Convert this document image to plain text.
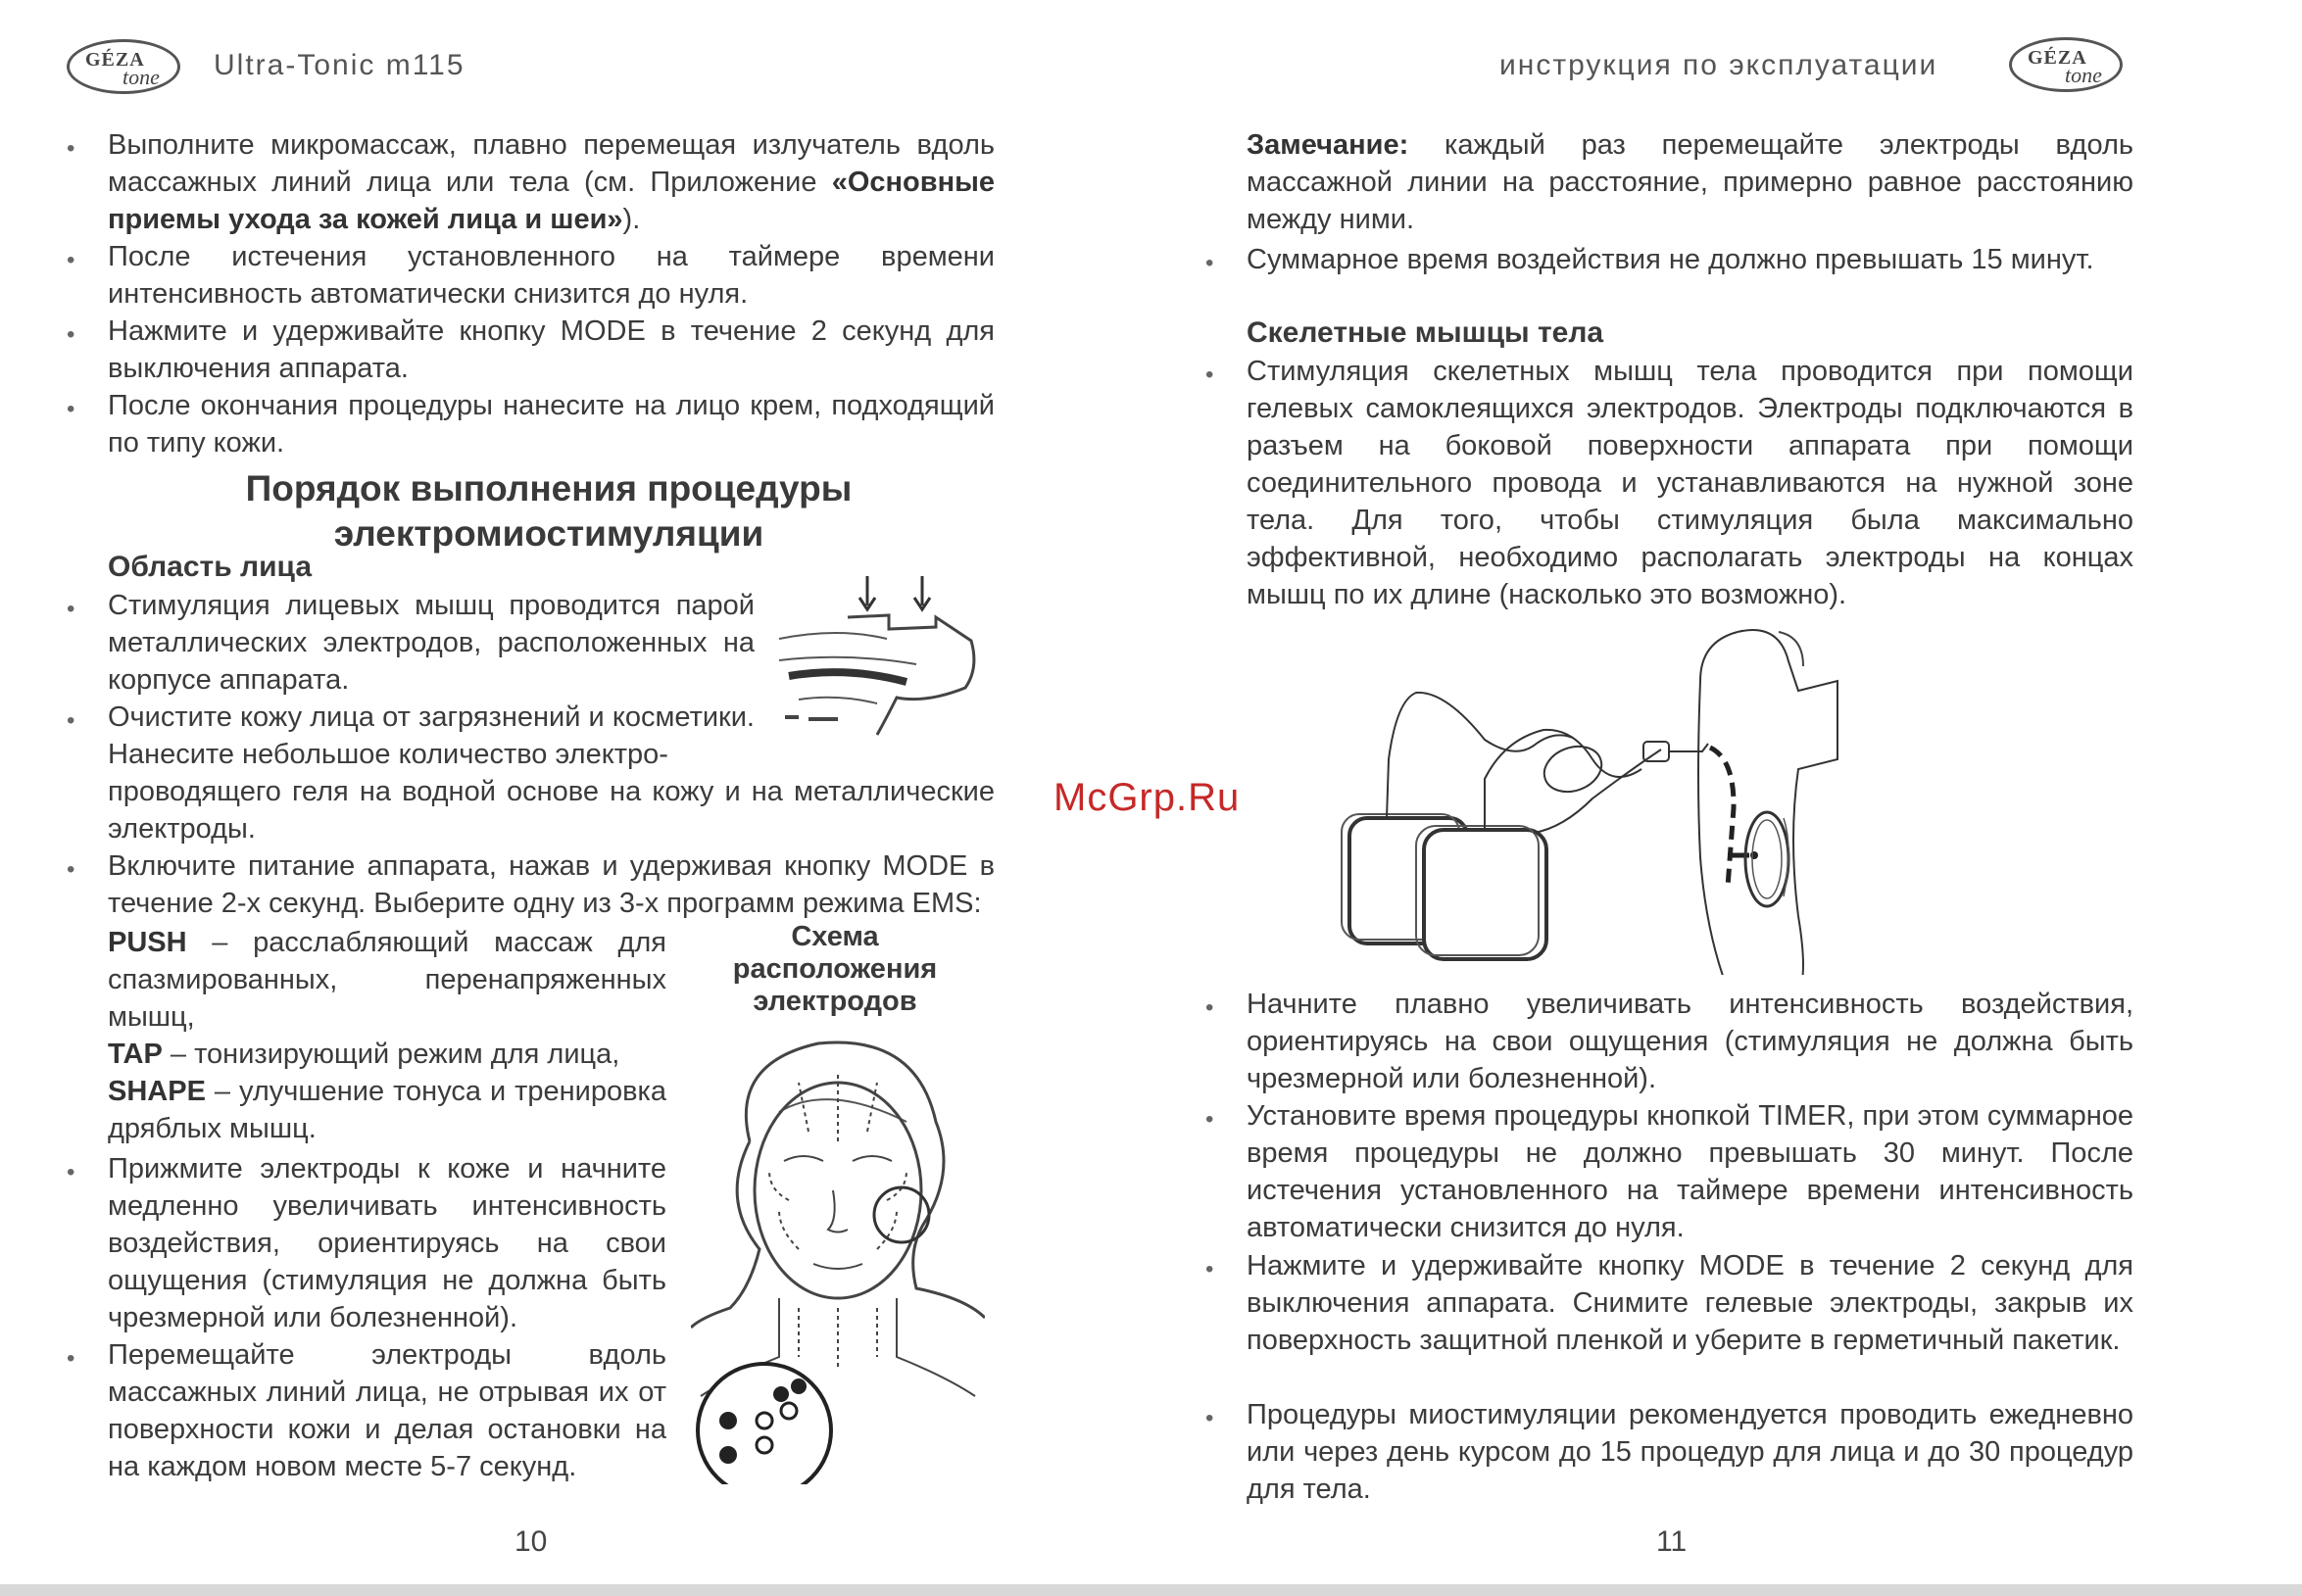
GÉZA
tone Ultra-Tonic m115
• Выполните микромассаж, плавно перемещая излучатель вдоль массажных линий лица или тела (см. Приложение «Основные приемы ухода за кожей лица и шеи»).
• После истечения установленного на таймере времени интенсивность автоматически снизится до нуля.
• Нажмите и удерживайте кнопку MODE в течение 2 секунд для выключения аппарата.
• После окончания процедуры нанесите на лицо крем, подходящий по типу кожи.
Порядок выполнения процедуры
электромиостимуляции
Область лица
• Стимуляция лицевых мышц проводится парой металлических электродов, расположенных на корпусе аппарата.
• Очистите кожу лица от загрязнений и косметики. Нанесите небольшое количество электро-
проводящего геля на водной основе на кожу и на металлические электроды.
• Включите питание аппарата, нажав и удерживая кнопку MODE в течение 2-х секунд. Выберите одну из 3-х программ режима EMS:
PUSH – расслабляющий массаж для спазмированных, перенапряженных мышц,
TAP – тонизирующий режим для лица,
SHAPE – улучшение тонуса и тренировка дряблых мышц.
Схема расположения электродов
• Прижмите электроды к коже и начните медленно увеличивать интенсивность воздействия, ориентируясь на свои ощущения (стимуляция не должна быть чрезмерной или болезненной).
• Перемещайте электроды вдоль массажных линий лица, не отрывая их от поверхности кожи и делая остановки на на каждом новом месте 5-7 секунд.
10
инструкция по эксплуатации	GÉZA
tone
Замечание: каждый раз перемещайте электроды вдоль массажной линии на расстояние, примерно равное расстоянию между ними.
• Суммарное время воздействия не должно превышать 15 минут.
Скелетные мышцы тела
• Стимуляция скелетных мышц тела проводится при помощи гелевых самоклеящихся электродов. Электроды подключаются в разъем на боковой поверхности аппарата при помощи соединительного провода и устанавливаются на нужной зоне тела. Для того, чтобы стимуляция была максимально эффективной, необходимо располагать электроды на концах мышц по их длине (насколько это возможно).
• Начните плавно увеличивать интенсивность воздействия, ориентируясь на свои ощущения (стимуляция не должна быть чрезмерной или болезненной).
• Установите время процедуры кнопкой TIMER, при этом суммарное время процедуры не должно превышать 30 минут. После истечения установленного на таймере времени интенсивность автоматически снизится до нуля.
• Нажмите и удерживайте кнопку MODE в течение 2 секунд для выключения аппарата. Снимите гелевые электроды, закрыв их поверхность защитной пленкой и уберите в герметичный пакетик.
• Процедуры миостимуляции рекомендуется проводить ежедневно или через день курсом до 15 процедур для лица и до 30 процедур для тела.
11
McGrp.Ru
